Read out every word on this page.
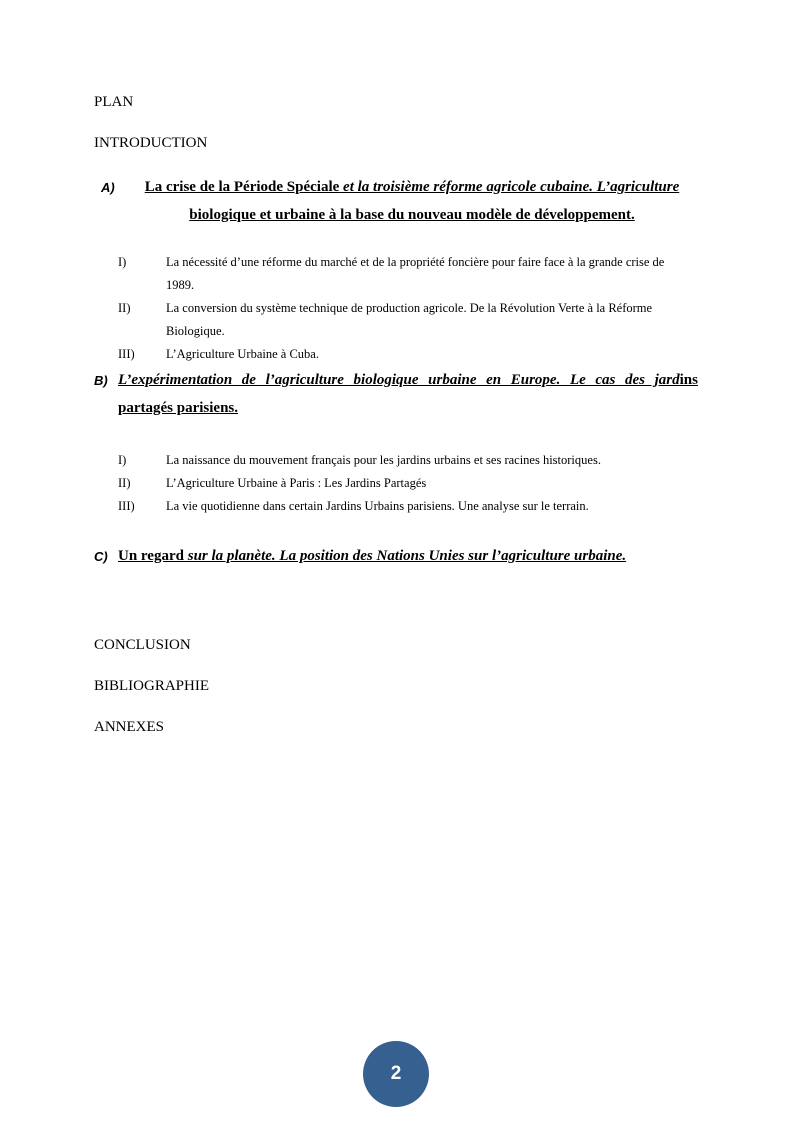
PLAN
INTRODUCTION
A)	La crise de la Période Spéciale et la troisième réforme agricole cubaine. L’agriculture
biologique et urbaine à la base du nouveau modèle de développement.
I)	La nécessité d’une réforme du marché et de la propriété foncière pour faire face à la grande crise de
1989.
II)	La conversion du système technique de production agricole. De la Révolution Verte à la Réforme
Biologique.
III)	L’Agriculture Urbaine à Cuba.
B) L’expérimentation de l’agriculture biologique urbaine en Europe. Le cas des jardins
partagés parisiens.
I)	La naissance du mouvement français pour les jardins urbains et ses racines historiques.
II)	L’Agriculture Urbaine à Paris : Les Jardins Partagés
III)	La vie quotidienne dans certain Jardins Urbains parisiens. Une analyse sur le terrain.
C) Un regard sur la planète. La position des Nations Unies sur l’agriculture urbaine.
CONCLUSION
BIBLIOGRAPHIE
ANNEXES
2
